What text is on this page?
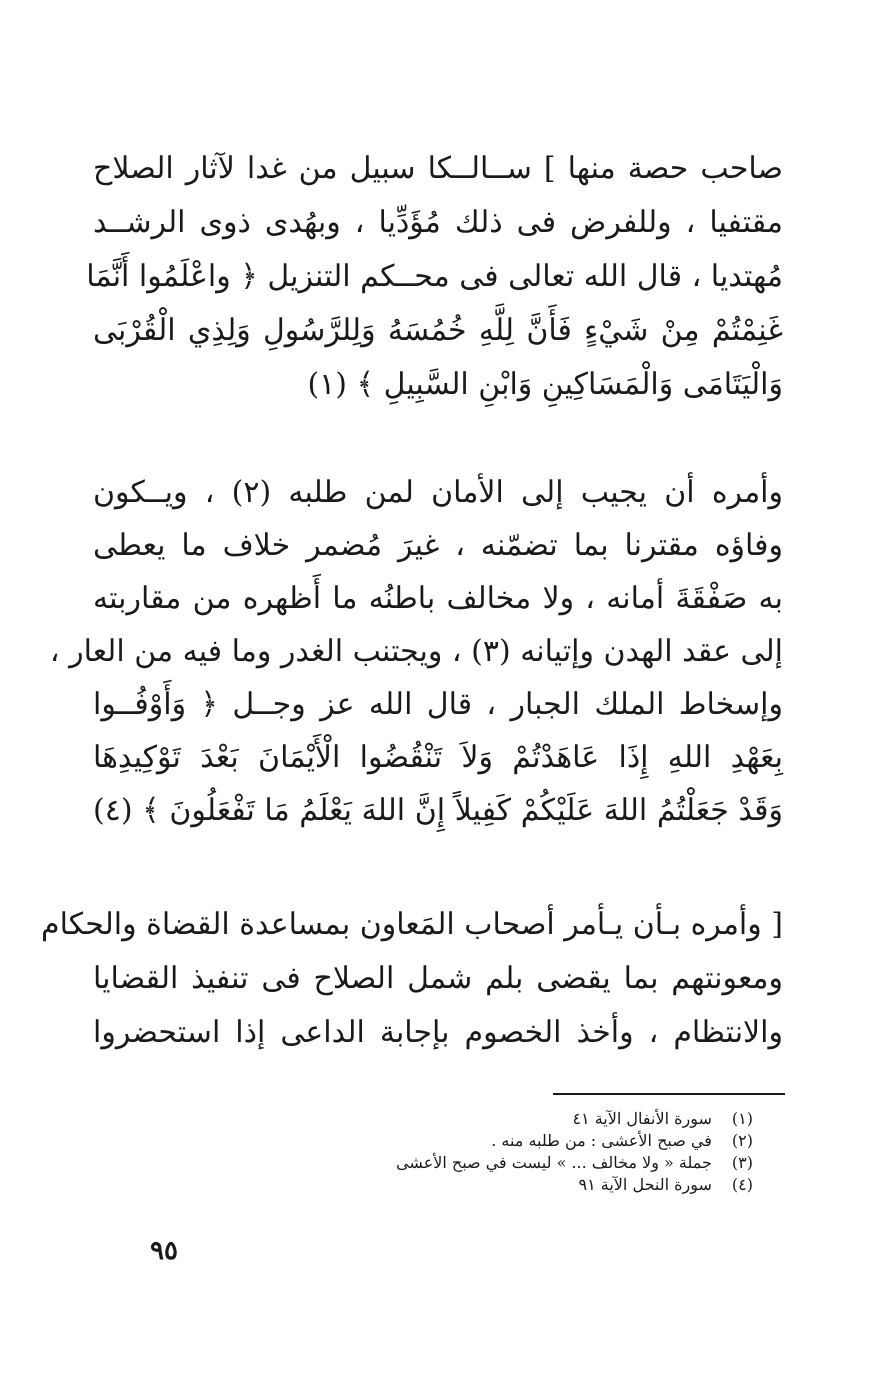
صاحب حصة منها ] ســالــكا سبيل من غدا لآثار الصلاح
مقتفيا ، وللفرض فى ذلك مُؤَدِّيا ، وبهُدى ذوى الرشــد
مُهتديا ، قال الله تعالى فى محــكم التنزيل ﴿ واعْلَمُوا أَنَّمَا
غَنِمْتُمْ مِنْ شَيْءٍ فَأَنَّ لِلَّهِ خُمُسَهُ وَلِلرَّسُولِ وَلِذِي الْقُرْبَى
وَالْيَتَامَى وَالْمَسَاكِينِ وَابْنِ السَّبِيلِ ﴾ (١)
وأمره أن يجيب إلى الأمان لمن طلبه (٢) ، ويــكون
وفاؤه مقترنا بما تضمّنه ، غيرَ مُضمر خلاف ما يعطى
به صَفْقَةَ أمانه ، ولا مخالف باطنُه ما أَظهره من مقاربته
إلى عقد الهدن وإتيانه (٣) ، ويجتنب الغدر وما فيه من العار ،
وإسخاط الملك الجبار ، قال الله عز وجــل ﴿ وَأَوْفُــوا
بِعَهْدِ اللهِ إِذَا عَاهَدْتُمْ وَلاَ تَنْقُضُوا الْأَيْمَانَ بَعْدَ تَوْكِيدِهَا
وَقَدْ جَعَلْتُمُ اللهَ عَلَيْكُمْ كَفِيلاً إِنَّ اللهَ يَعْلَمُ مَا تَفْعَلُونَ ﴾ (٤)
[ وأمره بـأن يـأمر أصحاب المَعاون بمساعدة القضاة والحكام
ومعونتهم بما يقضى بلم شمل الصلاح فى تنفيذ القضايا
والانتظام ، وأخذ الخصوم بإجابة الداعى إذا استحضروا
(١) سورة الأنفال الآية ٤١
(٢) في صبح الأعشى : من طلبه منه .
(٣) جملة « ولا مخالف ... » ليست في صبح الأعشى
(٤) سورة النحل الآية ٩١
٩٥
